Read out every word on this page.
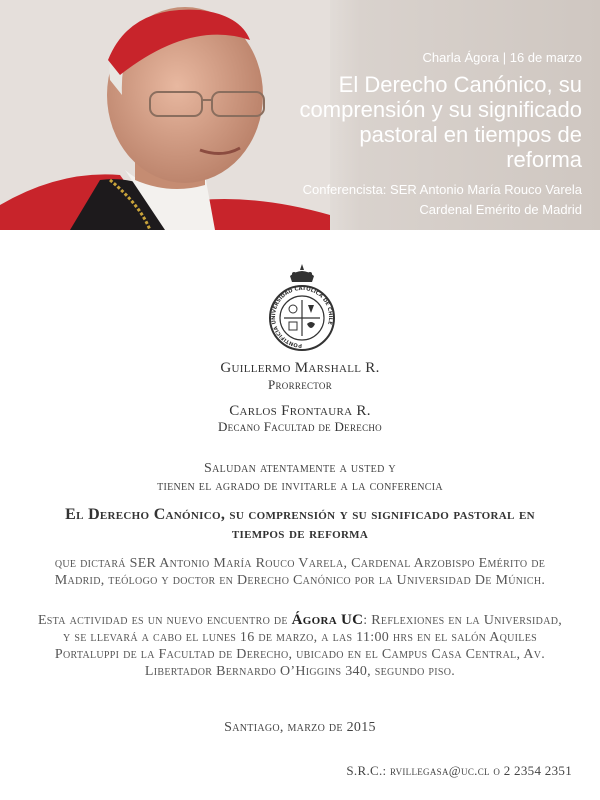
Charla Ágora | 16 de marzo
El Derecho Canónico, su comprensión y su significado pastoral en tiempos de reforma
Conferencista: SER Antonio María Rouco Varela
Cardenal Emérito de Madrid
PONTIFICIA UNIVERSIDAD CATOLICA DE CHILE
Guillermo Marshall R.
Prorrector
Carlos Frontaura R.
Decano Facultad de Derecho
Saludan atentamente a usted y
tienen el agrado de invitarle a la conferencia
El Derecho Canónico, su comprensión y su significado pastoral en tiempos de reforma
que dictará SER Antonio María Rouco Varela, Cardenal Arzobispo Emérito de Madrid, teólogo y doctor en Derecho Canónico por la Universidad De Múnich.
Esta actividad es un nuevo encuentro de Ágora UC: Reflexiones en la Universidad, y se llevará a cabo el lunes 16 de marzo, a las 11:00 hrs en el salón Aquiles Portaluppi de la Facultad de Derecho, ubicado en el Campus Casa Central, Av. Libertador Bernardo O’Higgins 340, segundo piso.
Santiago, marzo de 2015
S.R.C.: rvillegasa@uc.cl o 2 2354 2351
